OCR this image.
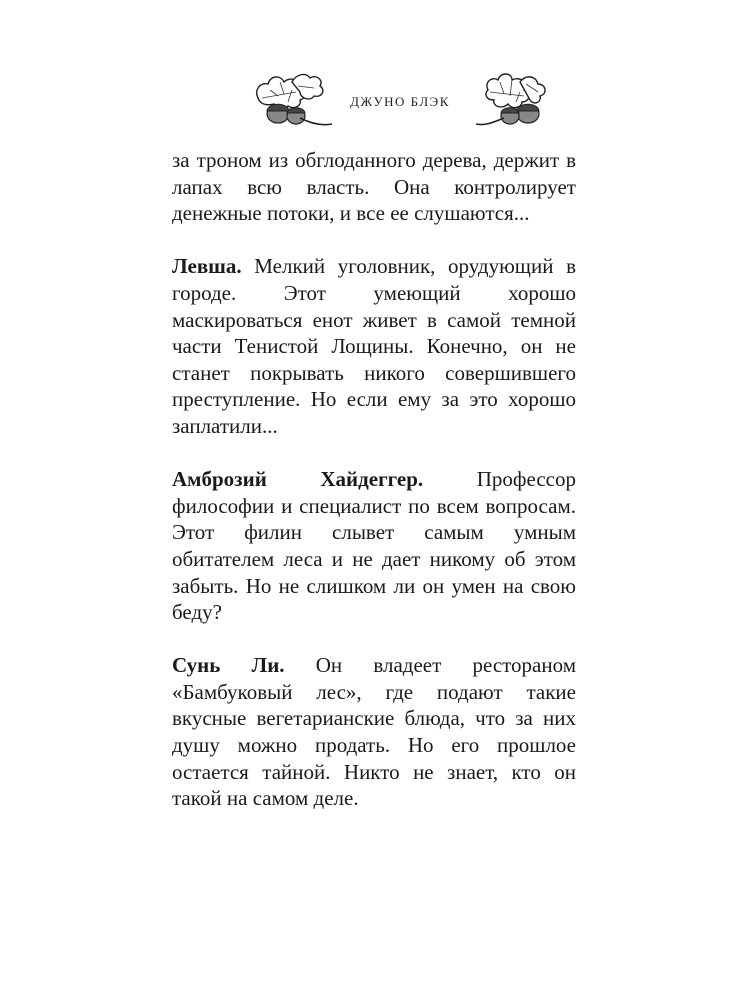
ДЖУНО БЛЭК

за троном из обглоданного дерева, держит в лапах всю власть. Она контролирует денежные потоки, и все ее слушаются...

Левша. Мелкий уголовник, орудующий в городе. Этот умеющий хорошо маскироваться енот живет в самой темной части Тенистой Лощины. Конечно, он не станет покрывать никого совершившего преступление. Но если ему за это хорошо заплатили...

Амброзий Хайдеггер. Профессор философии и специалист по всем вопросам. Этот филин слывет самым умным обитателем леса и не дает никому об этом забыть. Но не слишком ли он умен на свою беду?

Сунь Ли. Он владеет рестораном «Бамбуковый лес», где подают такие вкусные вегетарианские блюда, что за них душу можно продать. Но его прошлое остается тайной. Никто не знает, кто он такой на самом деле.
